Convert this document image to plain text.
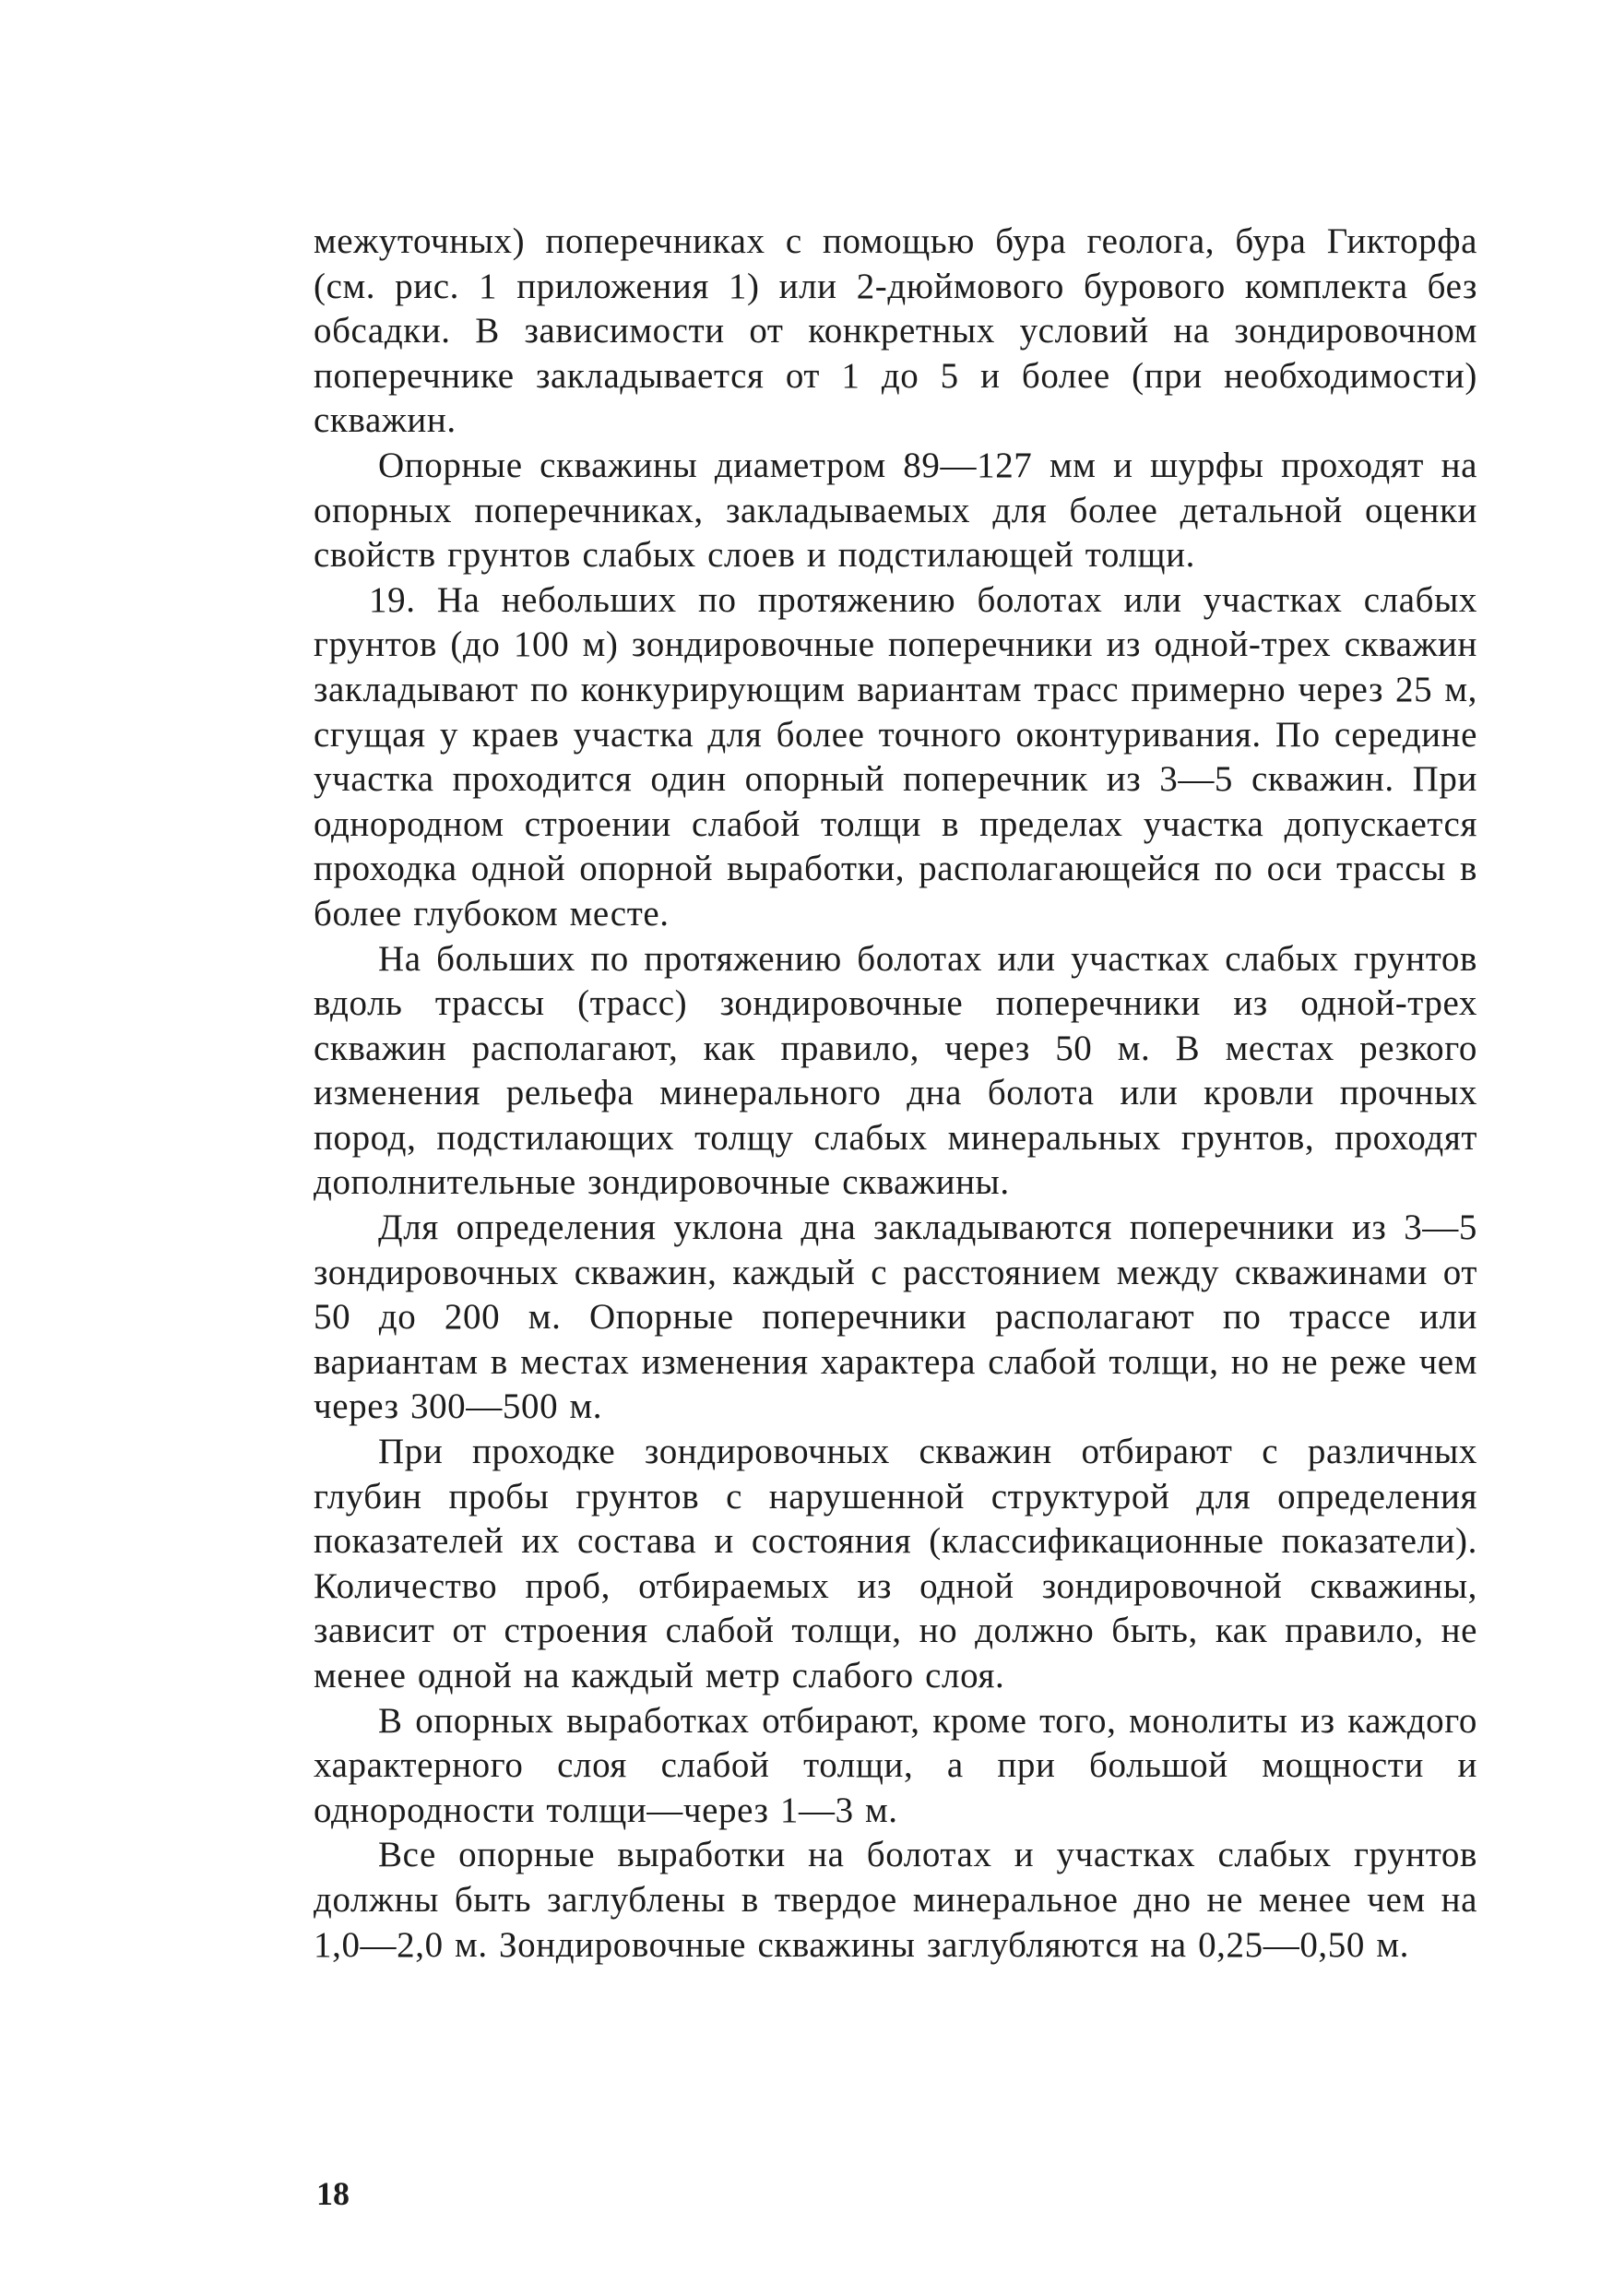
межуточных) поперечниках с помощью бура геолога, бура Гикторфа (см. рис. 1 приложения 1) или 2-дюймового бурового комплекта без обсадки. В зависимости от конкретных условий на зондировочном поперечнике закладывается от 1 до 5 и более (при необходимости) скважин.

Опорные скважины диаметром 89—127 мм и шурфы проходят на опорных поперечниках, закладываемых для более детальной оценки свойств грунтов слабых слоев и подстилающей толщи.

19. На небольших по протяжению болотах или участках слабых грунтов (до 100 м) зондировочные поперечники из одной-трех скважин закладывают по конкурирующим вариантам трасс примерно через 25 м, сгущая у краев участка для более точного оконтуривания. По середине участка проходится один опорный поперечник из 3—5 скважин. При однородном строении слабой толщи в пределах участка допускается проходка одной опорной выработки, располагающейся по оси трассы в более глубоком месте.

На больших по протяжению болотах или участках слабых грунтов вдоль трассы (трасс) зондировочные поперечники из одной-трех скважин располагают, как правило, через 50 м. В местах резкого изменения рельефа минерального дна болота или кровли прочных пород, подстилающих толщу слабых минеральных грунтов, проходят дополнительные зондировочные скважины.

Для определения уклона дна закладываются поперечники из 3—5 зондировочных скважин, каждый с расстоянием между скважинами от 50 до 200 м. Опорные поперечники располагают по трассе или вариантам в местах изменения характера слабой толщи, но не реже чем через 300—500 м.

При проходке зондировочных скважин отбирают с различных глубин пробы грунтов с нарушенной структурой для определения показателей их состава и состояния (классификационные показатели). Количество проб, отбираемых из одной зондировочной скважины, зависит от строения слабой толщи, но должно быть, как правило, не менее одной на каждый метр слабого слоя.

В опорных выработках отбирают, кроме того, монолиты из каждого характерного слоя слабой толщи, а при большой мощности и однородности толщи—через 1—3 м.

Все опорные выработки на болотах и участках слабых грунтов должны быть заглублены в твердое минеральное дно не менее чем на 1,0—2,0 м. Зондировочные скважины заглубляются на 0,25—0,50 м.

18
